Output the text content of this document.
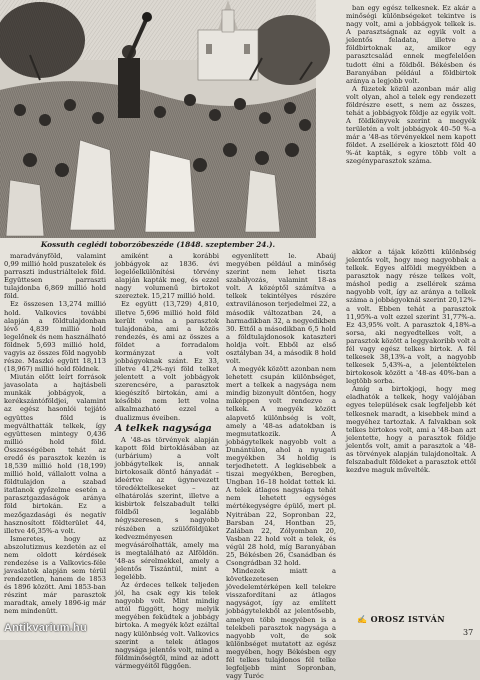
Kossuth ceglédi toborzóbeszéde (1848. szeptember 24.).

ban egy egész telkesnek. Ez akár a minőségi különbségeket tekintve is nagy volt, ami a jobbágyok telkek is. A parasztságnak az egyik volt a jelentős feladata, illetve a földbirtoknak az, amikor egy parasztcsalád ennek megfelelően tudott élni a földből. Békésben és Baranyában például a földbirtok aránya a legjobb volt.

A füzetek közül azonban már alig volt olyan, ahol a telek egy rendezett földrészre esett, s nem az összes, tehát a jobbágyok földje az egyik volt. A földkönyvek szerint a megyék területén a volt jobbágyok 40–50 %-a már a '48-as törvényekkel nem kapott földet. A zsellérek a kiosztott föld 40 %-át kapták, s egyre több volt a szegényparasztok száma.

maradványföld, valamint 0,99 millió hold puszatelek és parraszti industriáltelek föld. Együttesen parraszti tulajdonba 6,869 millió hold föld.

Ez összesen 13,274 millió hold. Valkovics további alapján a földtulajdonban lévő 4,839 millió hold legelőnek és nem használható földnek 5,693 millió hold, vagyis az összes föld nagyobb része. Maszkó együtt 18,113 (18,967) millió hold földnek.

Miután előtt leírt források javasolata a hajtásbeli munkák jobbágyok, a kerékszántóföldjei, valamint az egész hasonlói tejjátó együttes föld is megválthatták telkek, így együttesen mintegy 0,436 millió hold föld. Összességében tehát az eredő és parasztok kezén is 18,539 millió hold (18,199) millió hold, vállalott volna a földtulajdon a szabad itatlanok győzelme esetén a parasztgazdaságok aránya föld birtokán. Ez a mezőgazdasági és negatív hasznosított földterület 44, illetve 46,35%-a volt.

Ismeretes, hogy az abszolutizmus kezdetén az el nem oldott kérdések rendezése is a Valkovics-féle javaslatok alapján sem térül rendezetlen, hanem de 1853 és 1896 között. Ami 1853-ban részint már parasztok maradtak, amely 1896-ig már nem mindenütt.

amiként a korábbi jobbágyok az 1836. évi legelőelkülönítési törvény alapján kapták meg, és ezzel nagy volumenű birtokot szereztek. 15,217 millió hold.

Ez együtt (13,729) 4,810, illetve 5,696 millió hold föld került volna a parasztok tulajdonába, ami a közös rendezés, és ami az összes a földet a forradalom kormányzat a volt jobbágyoknak szánt. Ez 33, illetve 41,2%-nyi föld telket jelentett a volt jobbágyok szerencsére, a parasztok kiegészítő birtokán, ami a későbbi nem lett volna alkalmazható ezzel a dualizmus éveiben.

A telkek nagysága

A '48-as törvények alapján kapott föld birtoklásában az (urbárium) a volt jobbágytelkek is, annak birtokosaik döntő hányadát – ideértve az úgynevezett töredéktelkeseket – az elhatárolás szerint, illetve a kisbirtok felszabadult telki földből legalább négyszeresen, s nagyobb részében a szülőföldjüket kedvezményesen megvásárolhatták, amely ma is megtalálható az Alföldön. '48-as sérelmekkel, amely a jelentős Tiszántúl, mint a legelébb.

Az érdeces telkek teljeden jól, ha csak egy kis telek nagyobb volt. Mint mindig attól függött, hogy melyik megyében feküdtek a jobbágy birtoka. A megyék közt ezáltal nagy különbség volt. Valkovics szerint a telek átlagos nagysága jelentős volt, mind a földminőségtől, mind az adott vármegyéitől függően.

egyenlített le. Abaúj megyében például a minőség szerint nem lehet tiszta szabályozás, valamint 18-as volt. A középtől számítva a telkek tekintélyes részére extravilánoson terjedelmei 22, a második változatban 24, a harmadikban 32, a negyedikben 30. Ettől a másodikban 6,5 hold a földtulajdonosok kataszteri holdja volt. Ebből az első osztályban 34, a második 8 hold volt.

A megyék között azonban nem lehetett csupán különbséget, mert a telkek a nagysága nem mindig bizonyult döntően, hogy miképpen volt rendezve a telkek. A megyék között alapvető különbség is volt, amely a '48-as adatokban is megmutatkozik. A jobbágytelkek nagyobb volt a Dunántúlon, ahol a nyugati megyékben 34 holdig is terjedhetett. A legkisebbek a tiszai megyékben, Beregben, Ungban 16–18 holdat tettek ki. A telek átlagos nagysága tehát nem lehetett egységes mértékegységre épülő, mert pl. Nyitrában 22, Sopronban 22, Barsban 24, Hontban 25, Zalában 22, Zólyomban 20, Vasban 22 hold volt a telek, és végül 28 hold, míg Baranyában 25, Békésben 26, Csanádban és Csongrádban 32 hold.

Mindezek miatt a következetesen jövedelemtérképen kell telekre visszafordítani az átlagos nagyságot, így az említett jobbágytelekből az jelentősebb, amelyen több megyében is a telekbeli parasztok nagysága a nagyobb volt, de sok különbséget mutatott az egész megyében, hogy Békésben egy fél telkes tulajdonos fél telke legfeljebb mint Sopronban, vagy Turóc

akkor a tájak közötti különbség jelentős volt, hogy meg nagyobbak a telkek. Egyes alföldi megyékben a parasztok nagy része telkes volt, máshol pedig a zsellérek száma nagyobb volt, így az aránya a telkek száma a jobbágyoknál szerint 20,12%-a volt. Ebben tehát a parasztok 11,95%-a volt ezzel szerint 31,77%-a. Ez 43,95% volt. A parasztok 4,18%-a sorsa, aki negyedtelkes volt, a parasztok között a leggyakoribb volt a fél vagy egész telkes birtok. A fél telkesek 38,13%-a volt, a nagyobb telkesek 5,43%-a, a jelentéktelen birtokosok között a '48-as 40%-ban a legtöbb sorba.

Amíg a birtokjogi, hogy meg eladhatók a telkek, hogy valójában egyes települések csak legfeljebb két telkesnek maradt, a kisebbek mind a megyéhez tartoztak. A falvakban sok telkes birtokos volt, ami a '48-ban azt jelentette, hogy a parasztok földje jelentős volt, amit a parasztok a '48-as törvények alapján tulajdonoltak. A felszabadult földeket a parasztok ettől kezdve maguk művelték.

✍ OROSZ ISTVÁN
37
Antikvarium.hu
